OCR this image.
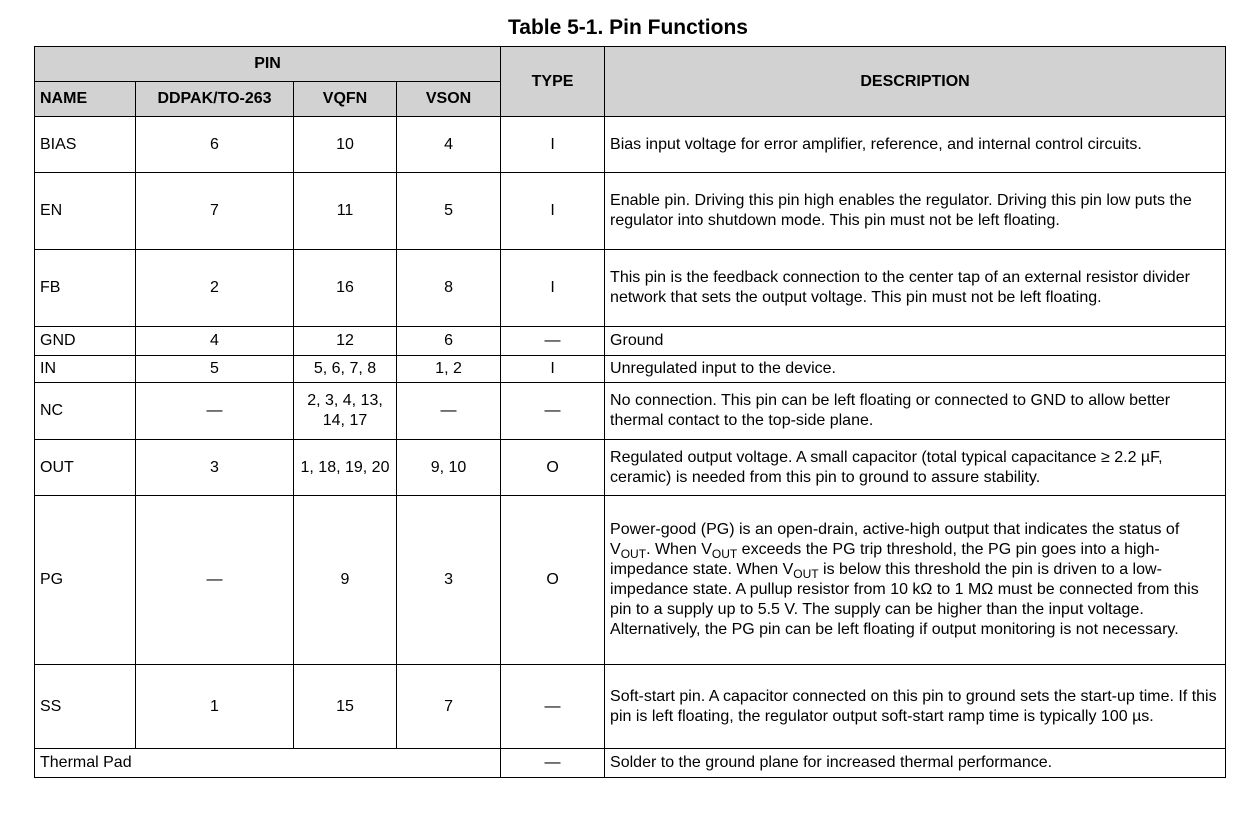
Table 5-1. Pin Functions
PIN				TYPE	DESCRIPTION
NAME	DDPAK/TO-263	VQFN	VSON		
BIAS	6	10	4	I	Bias input voltage for error amplifier, reference, and internal control circuits.
EN	7	11	5	I	Enable pin. Driving this pin high enables the regulator. Driving this pin low puts the regulator into shutdown mode. This pin must not be left floating.
FB	2	16	8	I	This pin is the feedback connection to the center tap of an external resistor divider network that sets the output voltage. This pin must not be left floating.
GND	4	12	6	—	Ground
IN	5	5, 6, 7, 8	1, 2	I	Unregulated input to the device.
NC	—	2, 3, 4, 13, 14, 17	—	—	No connection. This pin can be left floating or connected to GND to allow better thermal contact to the top-side plane.
OUT	3	1, 18, 19, 20	9, 10	O	Regulated output voltage. A small capacitor (total typical capacitance ≥ 2.2 µF, ceramic) is needed from this pin to ground to assure stability.
PG	—	9	3	O	Power-good (PG) is an open-drain, active-high output that indicates the status of $V_{OUT}$. When $V_{OUT}$ exceeds the PG trip threshold, the PG pin goes into a high-impedance state. When $V_{OUT}$ is below this threshold the pin is driven to a low-impedance state. A pullup resistor from 10 kΩ to 1 MΩ must be connected from this pin to a supply up to 5.5 V. The supply can be higher than the input voltage. Alternatively, the PG pin can be left floating if output monitoring is not necessary.
SS	1	15	7	—	Soft-start pin. A capacitor connected on this pin to ground sets the start-up time. If this pin is left floating, the regulator output soft-start ramp time is typically 100 µs.
Thermal Pad				—	Solder to the ground plane for increased thermal performance.
